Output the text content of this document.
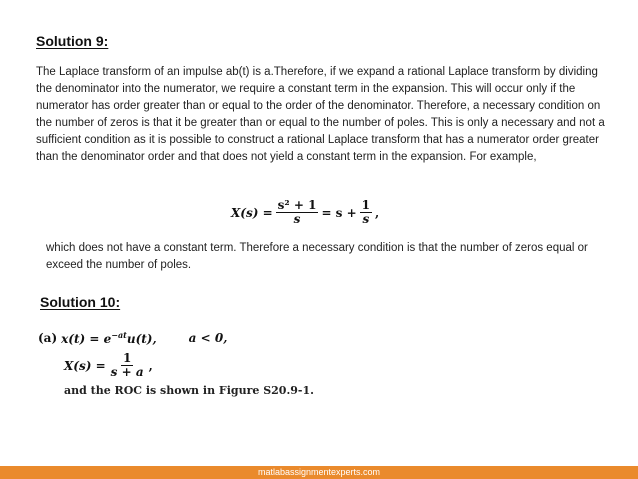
Solution 9:

The Laplace transform of an impulse ab(t) is a.Therefore, if we expand a rational Laplace transform by dividing the denominator into the numerator, we require a constant term in the expansion. This will occur only if the numerator has order greater than or equal to the order of the denominator. Therefore, a necessary condition on the number of zeros is that it be greater than or equal to the number of poles. This is only a necessary and not a sufficient condition as it is possible to construct a rational Laplace transform that has a numerator order greater than the denominator order and that does not yield a constant term in the expansion. For example,

$X(s) = \frac{\text{s² + 1}}{s} = s + \frac{1}{s}$ ,

which does not have a constant term. Therefore a necessary condition is that the number of zeros equal or exceed the number of poles.

Solution 10:
(a) $x(t) = e^{-at}u(t)$,	a < 0,
$X(s) = \frac{1}{s + a}$ ,
and the ROC is shown in Figure S20.9-1.
matlabassignmentexperts.com
